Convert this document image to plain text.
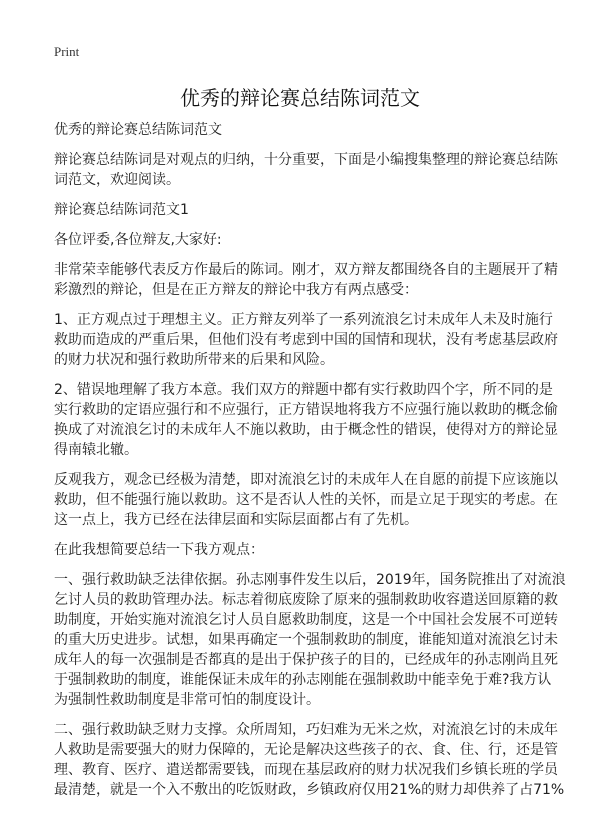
Print
优秀的辩论赛总结陈词范文

优秀的辩论赛总结陈词范文

辩论赛总结陈词是对观点的归纳，十分重要，下面是小编搜集整理的辩论赛总结陈
词范文，欢迎阅读。

辩论赛总结陈词范文1

各位评委,各位辩友,大家好:

非常荣幸能够代表反方作最后的陈词。刚才，双方辩友都围绕各自的主题展开了精
彩激烈的辩论，但是在正方辩友的辩论中我方有两点感受：

1、正方观点过于理想主义。正方辩友列举了一系列流浪乞讨未成年人未及时施行
救助而造成的严重后果，但他们没有考虑到中国的国情和现状，没有考虑基层政府
的财力状况和强行救助所带来的后果和风险。

2、错误地理解了我方本意。我们双方的辩题中都有实行救助四个字，所不同的是
实行救助的定语应强行和不应强行，正方错误地将我方不应强行施以救助的概念偷
换成了对流浪乞讨的未成年人不施以救助，由于概念性的错误，使得对方的辩论显
得南辕北辙。

反观我方，观念已经极为清楚，即对流浪乞讨的未成年人在自愿的前提下应该施以
救助，但不能强行施以救助。这不是否认人性的关怀，而是立足于现实的考虑。在
这一点上，我方已经在法律层面和实际层面都占有了先机。

在此我想简要总结一下我方观点：

一、强行救助缺乏法律依据。孙志刚事件发生以后，2019年，国务院推出了对流浪
乞讨人员的救助管理办法。标志着彻底废除了原来的强制救助收容遣送回原籍的救
助制度，开始实施对流浪乞讨人员自愿救助制度，这是一个中国社会发展不可逆转
的重大历史进步。试想，如果再确定一个强制救助的制度，谁能知道对流浪乞讨未
成年人的每一次强制是否都真的是出于保护孩子的目的，已经成年的孙志刚尚且死
于强制救助的制度，谁能保证未成年的孙志刚能在强制救助中能幸免于难?我方认
为强制性救助制度是非常可怕的制度设计。

二、强行救助缺乏财力支撑。众所周知，巧妇难为无米之炊，对流浪乞讨的未成年
人救助是需要强大的财力保障的，无论是解决这些孩子的衣、食、住、行，还是管
理、教育、医疗、遣送都需要钱，而现在基层政府的财力状况我们乡镇长班的学员
最清楚，就是一个入不敷出的吃饭财政，乡镇政府仅用21%的财力却供养了占71%
